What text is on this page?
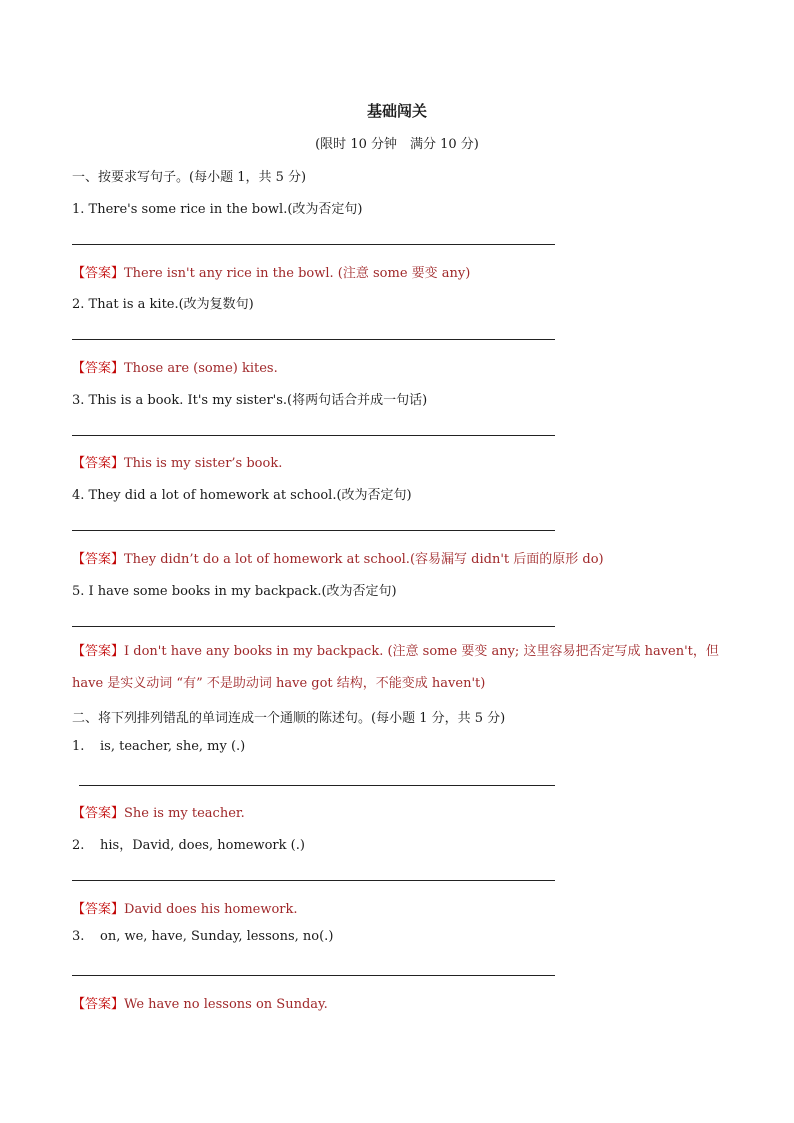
基础闯关
(限时 10 分钟　满分 10 分)
一、按要求写句子。(每小题 1，共 5 分)
1. There's some rice in the bowl.(改为否定句)
【答案】There isn't any rice in the bowl. (注意 some 要变 any)
2. That is a kite.(改为复数句)
【答案】Those are (some) kites.
3. This is a book. It's my sister's.(将两句话合并成一句话)
【答案】This is my sister’s book.
4. They did a lot of homework at school.(改为否定句)
【答案】They didn’t do a lot of homework at school.(容易漏写 didn't 后面的原形 do)
5. I have some books in my backpack.(改为否定句)
【答案】I don't have any books in my backpack. (注意 some 要变 any; 这里容易把否定写成 haven't，但 have 是实义动词 “有” 不是助动词 have got 结构，不能变成 haven't)
二、将下列排列错乱的单词连成一个通顺的陈述句。(每小题 1 分，共 5 分)
1. is, teacher, she, my (.)
【答案】She is my teacher.
2. his，David, does, homework (.)
【答案】David does his homework.
3. on, we, have, Sunday, lessons, no(.)
【答案】We have no lessons on Sunday.
